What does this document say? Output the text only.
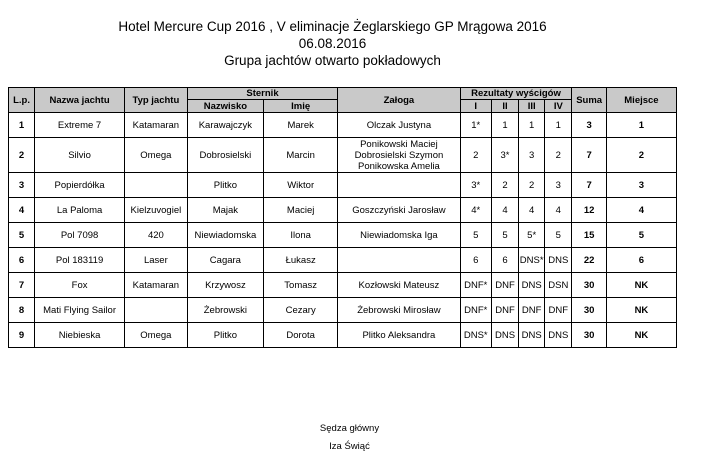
Hotel Mercure Cup 2016 , V eliminacje Żeglarskiego GP Mrągowa 2016
06.08.2016
Grupa jachtów otwarto pokładowych
L.p.	Nazwa jachtu	Typ jachtu	Sternik		Załoga	Rezultaty wyścigów				Suma	Miejsce
			Nazwisko	Imię		I	II	III	IV		
1	Extreme 7	Katamaran	Karawajczyk	Marek	Olczak Justyna	1*	1	1	1	3	1
2	Silvio	Omega	Dobrosielski	Marcin	Ponikowski Maciej
Dobrosielski Szymon
Ponikowska Amelia	2	3*	3	2	7	2
3	Popierdółka		Plitko	Wiktor		3*	2	2	3	7	3
4	La Paloma	Kielzuvogiel	Majak	Maciej	Goszczyński Jarosław	4*	4	4	4	12	4
5	Pol 7098	420	Niewiadomska	Ilona	Niewiadomska Iga	5	5	5*	5	15	5
6	Pol 183119	Laser	Cagara	Łukasz		6	6	DNS*	DNS	22	6
7	Fox	Katamaran	Krzywosz	Tomasz	Kozłowski Mateusz	DNF*	DNF	DNS	DSN	30	NK
8	Mati Flying Sailor		Żebrowski	Cezary	Żebrowski Mirosław	DNF*	DNF	DNF	DNF	30	NK
9	Niebieska	Omega	Plitko	Dorota	Plitko Aleksandra	DNS*	DNS	DNS	DNS	30	NK
Sędza główny
Iza Świąć
